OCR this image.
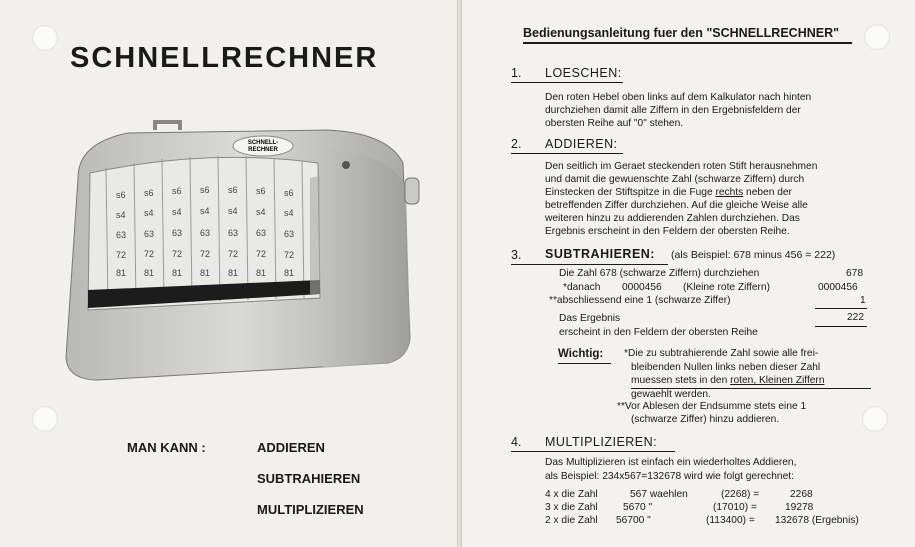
SCHNELLRECHNER
SCHNELL-
RECHNER
s6 s6 s6 s6 s6 s6 s6
s4 s4 s4 s4 s4 s4 s4
63 63 63 63 63 63 63
72 72 72 72 72 72 72
81 81 81 81 81 81 81
MAN KANN :	ADDIEREN
SUBTRAHIEREN
MULTIPLIZIEREN
Bedienungsanleitung fuer den "SCHNELLRECHNER"
1. LOESCHEN:
Den roten Hebel oben links auf dem Kalkulator nach hinten
durchziehen damit alle Ziffern in den Ergebnisfeldern der
obersten Reihe auf "0" stehen.
2. ADDIEREN:
Den seitlich im Geraet steckenden roten Stift herausnehmen
und damit die gewuenschte Zahl (schwarze Ziffern) durch
Einstecken der Stiftspitze in die Fuge rechts neben der
betreffenden Ziffer durchziehen. Auf die gleiche Weise alle
weiteren hinzu zu addierenden Zahlen durchziehen. Das
Ergebnis erscheint in den Feldern der obersten Reihe.
3. SUBTRAHIEREN: (als Beispiel: 678 minus 456 = 222)
Die Zahl 678 (schwarze Ziffern) durchziehen	678
*danach 0000456 (Kleine rote Ziffern)	0000456
**abschliessend eine 1 (schwarze Ziffer)	1
Das Ergebnis	222
erscheint in den Feldern der obersten Reihe
Wichtig: *Die zu subtrahierende Zahl sowie alle frei-
bleibenden Nullen links neben dieser Zahl
muessen stets in den roten, Kleinen Ziffern
gewaehlt werden.
**Vor Ablesen der Endsumme stets eine 1
(schwarze Ziffer) hinzu addieren.
4. MULTIPLIZIEREN:
Das Multiplizieren ist einfach ein wiederholtes Addieren,
als Beispiel: 234x567=132678 wird wie folgt gerechnet:
4 x die Zahl	567 waehlen	(2268) =	2268
3 x die Zahl 5670 "	(17010) =	19278
2 x die Zahl 56700 "	(113400) = 132678 (Ergebnis)
